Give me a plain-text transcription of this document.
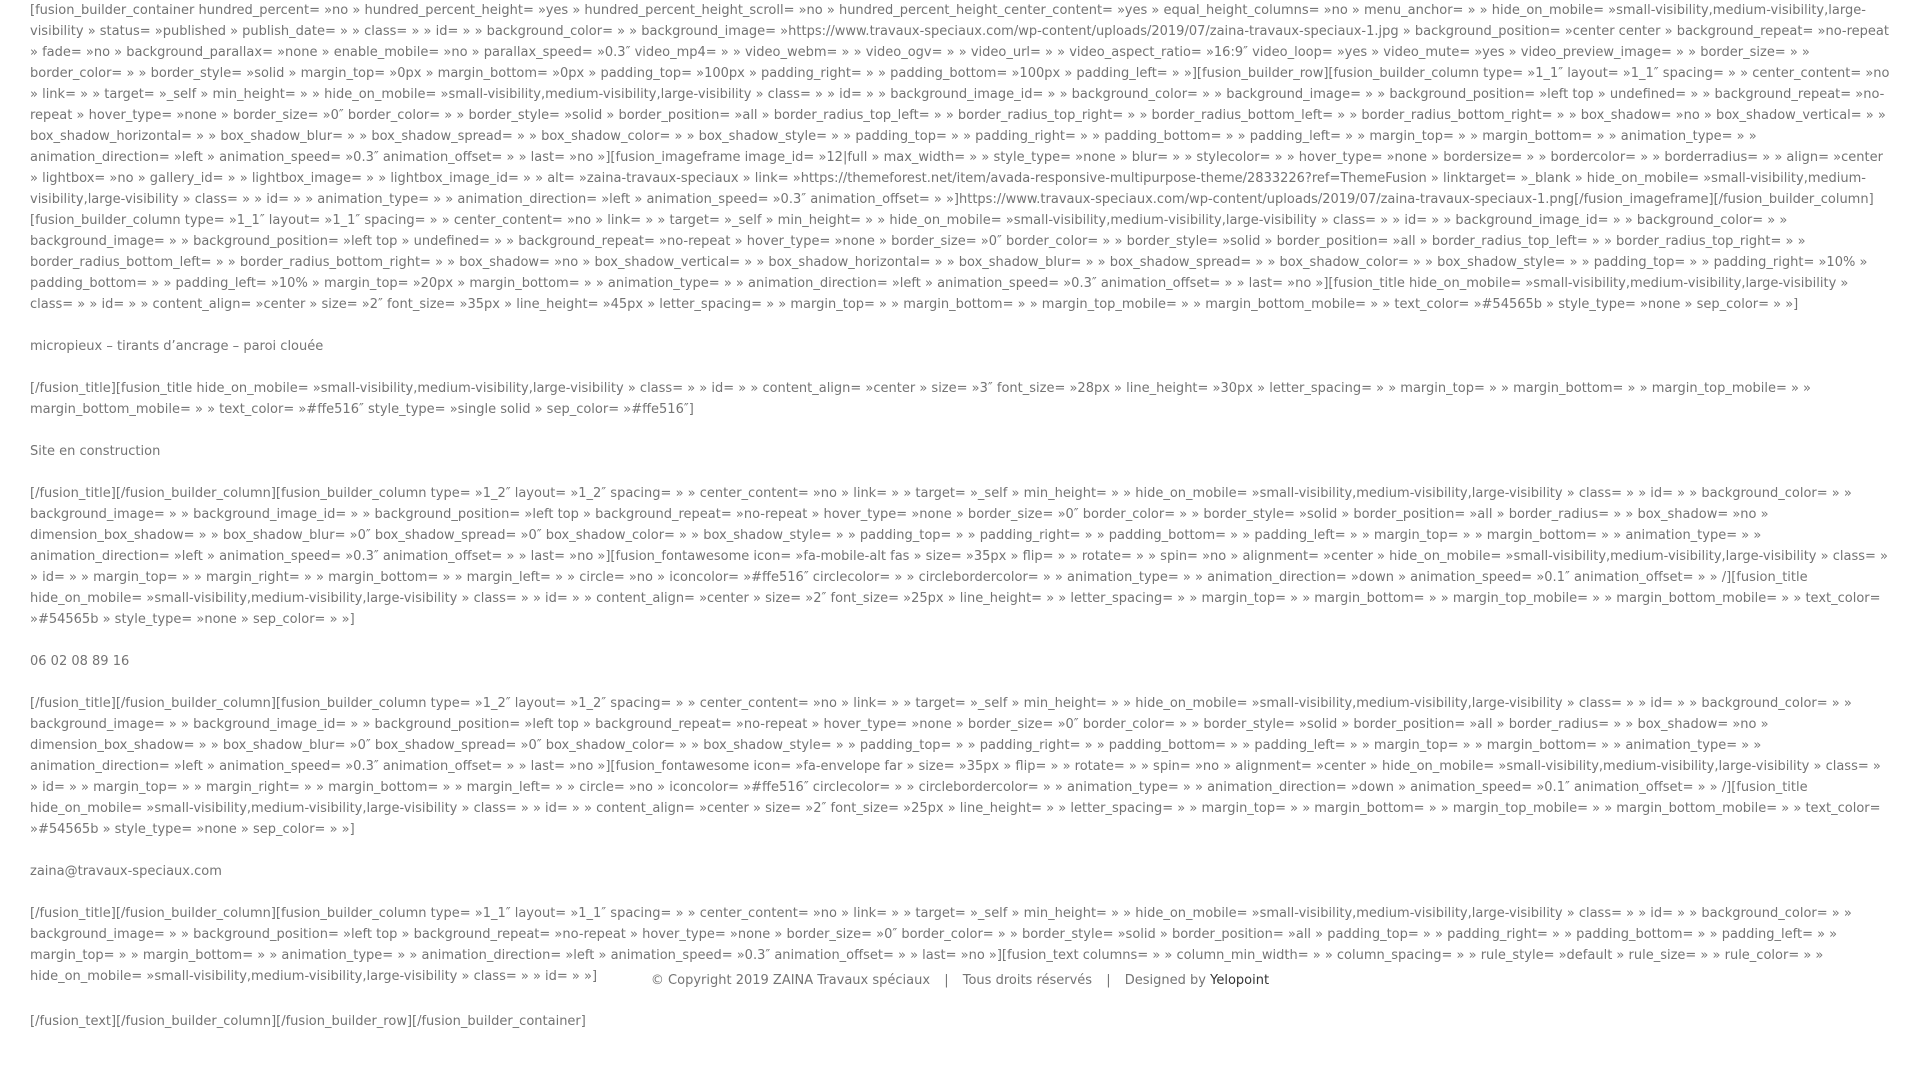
[fusion_builder_container hundred_percent= »no » hundred_percent_height= »yes » hundred_percent_height_scroll= »no » hundred_percent_height_center_content= »yes » equal_height_columns= »no » menu_anchor= » » hide_on_mobile= »small-visibility,medium-visibility,large-visibility » status= »published » publish_date= » » class= » » id= » » background_color= » » background_image= »https://www.travaux-speciaux.com/wp-content/uploads/2019/07/zaina-travaux-speciaux-1.jpg » background_position= »center center » background_repeat= »no-repeat » fade= »no » background_parallax= »none » enable_mobile= »no » parallax_speed= »0.3″ video_mp4= » » video_webm= » » video_ogv= » » video_url= » » video_aspect_ratio= »16:9″ video_loop= »yes » video_mute= »yes » video_preview_image= » » border_size= » » border_color= » » border_style= »solid » margin_top= »0px » margin_bottom= »0px » padding_top= »100px » padding_right= » » padding_bottom= »100px » padding_left= » »][fusion_builder_row][fusion_builder_column type= »1_1″ layout= »1_1″ spacing= » » center_content= »no » link= » » target= »_self » min_height= » » hide_on_mobile= »small-visibility,medium-visibility,large-visibility » class= » » id= » » background_image_id= » » background_color= » » background_image= » » background_position= »left top » undefined= » » background_repeat= »no-repeat » hover_type= »none » border_size= »0″ border_color= » » border_style= »solid » border_position= »all » border_radius_top_left= » » border_radius_top_right= » » border_radius_bottom_left= » » border_radius_bottom_right= » » box_shadow= »no » box_shadow_vertical= » » box_shadow_horizontal= » » box_shadow_blur= » » box_shadow_spread= » » box_shadow_color= » » box_shadow_style= » » padding_top= » » padding_right= » » padding_bottom= » » padding_left= » » margin_top= » » margin_bottom= » » animation_type= » » animation_direction= »left » animation_speed= »0.3″ animation_offset= » » last= »no »][fusion_imageframe image_id= »12|full » max_width= » » style_type= »none » blur= » » stylecolor= » » hover_type= »none » bordersize= » » bordercolor= » » borderradius= » » align= »center » lightbox= »no » gallery_id= » » lightbox_image= » » lightbox_image_id= » » alt= »zaina-travaux-speciaux » link= »https://themeforest.net/item/avada-responsive-multipurpose-theme/2833226?ref=ThemeFusion » linktarget= »_blank » hide_on_mobile= »small-visibility,medium-visibility,large-visibility » class= » » id= » » animation_type= » » animation_direction= »left » animation_speed= »0.3″ animation_offset= » »]https://www.travaux-speciaux.com/wp-content/uploads/2019/07/zaina-travaux-speciaux-1.png[/fusion_imageframe][/fusion_builder_column][fusion_builder_column type= »1_1″ layout= »1_1″ spacing= » » center_content= »no » link= » » target= »_self » min_height= » » hide_on_mobile= »small-visibility,medium-visibility,large-visibility » class= » » id= » » background_image_id= » » background_color= » » background_image= » » background_position= »left top » undefined= » » background_repeat= »no-repeat » hover_type= »none » border_size= »0″ border_color= » » border_style= »solid » border_position= »all » border_radius_top_left= » » border_radius_top_right= » » border_radius_bottom_left= » » border_radius_bottom_right= » » box_shadow= »no » box_shadow_vertical= » » box_shadow_horizontal= » » box_shadow_blur= » » box_shadow_spread= » » box_shadow_color= » » box_shadow_style= » » padding_top= » » padding_right= »10% » padding_bottom= » » padding_left= »10% » margin_top= »20px » margin_bottom= » » animation_type= » » animation_direction= »left » animation_speed= »0.3″ animation_offset= » » last= »no »][fusion_title hide_on_mobile= »small-visibility,medium-visibility,large-visibility » class= » » id= » » content_align= »center » size= »2″ font_size= »35px » line_height= »45px » letter_spacing= » » margin_top= » » margin_bottom= » » margin_top_mobile= » » margin_bottom_mobile= » » text_color= »#54565b » style_type= »none » sep_color= » »]

micropieux – tirants d’ancrage – paroi clouée

[/fusion_title][fusion_title hide_on_mobile= »small-visibility,medium-visibility,large-visibility » class= » » id= » » content_align= »center » size= »3″ font_size= »28px » line_height= »30px » letter_spacing= » » margin_top= » » margin_bottom= » » margin_top_mobile= » » margin_bottom_mobile= » » text_color= »#ffe516″ style_type= »single solid » sep_color= »#ffe516″]

Site en construction

[/fusion_title][/fusion_builder_column][fusion_builder_column type= »1_2″ layout= »1_2″ spacing= » » center_content= »no » link= » » target= »_self » min_height= » » hide_on_mobile= »small-visibility,medium-visibility,large-visibility » class= » » id= » » background_color= » » background_image= » » background_image_id= » » background_position= »left top » background_repeat= »no-repeat » hover_type= »none » border_size= »0″ border_color= » » border_style= »solid » border_position= »all » border_radius= » » box_shadow= »no » dimension_box_shadow= » » box_shadow_blur= »0″ box_shadow_spread= »0″ box_shadow_color= » » box_shadow_style= » » padding_top= » » padding_right= » » padding_bottom= » » padding_left= » » margin_top= » » margin_bottom= » » animation_type= » » animation_direction= »left » animation_speed= »0.3″ animation_offset= » » last= »no »][fusion_fontawesome icon= »fa-mobile-alt fas » size= »35px » flip= » » rotate= » » spin= »no » alignment= »center » hide_on_mobile= »small-visibility,medium-visibility,large-visibility » class= » » id= » » margin_top= » » margin_right= » » margin_bottom= » » margin_left= » » circle= »no » iconcolor= »#ffe516″ circlecolor= » » circlebordercolor= » » animation_type= » » animation_direction= »down » animation_speed= »0.1″ animation_offset= » » /][fusion_title hide_on_mobile= »small-visibility,medium-visibility,large-visibility » class= » » id= » » content_align= »center » size= »2″ font_size= »25px » line_height= » » letter_spacing= » » margin_top= » » margin_bottom= » » margin_top_mobile= » » margin_bottom_mobile= » » text_color= »#54565b » style_type= »none » sep_color= » »]

06 02 08 89 16

[/fusion_title][/fusion_builder_column][fusion_builder_column type= »1_2″ layout= »1_2″ spacing= » » center_content= »no » link= » » target= »_self » min_height= » » hide_on_mobile= »small-visibility,medium-visibility,large-visibility » class= » » id= » » background_color= » » background_image= » » background_image_id= » » background_position= »left top » background_repeat= »no-repeat » hover_type= »none » border_size= »0″ border_color= » » border_style= »solid » border_position= »all » border_radius= » » box_shadow= »no » dimension_box_shadow= » » box_shadow_blur= »0″ box_shadow_spread= »0″ box_shadow_color= » » box_shadow_style= » » padding_top= » » padding_right= » » padding_bottom= » » padding_left= » » margin_top= » » margin_bottom= » » animation_type= » » animation_direction= »left » animation_speed= »0.3″ animation_offset= » » last= »no »][fusion_fontawesome icon= »fa-envelope far » size= »35px » flip= » » rotate= » » spin= »no » alignment= »center » hide_on_mobile= »small-visibility,medium-visibility,large-visibility » class= » » id= » » margin_top= » » margin_right= » » margin_bottom= » » margin_left= » » circle= »no » iconcolor= »#ffe516″ circlecolor= » » circlebordercolor= » » animation_type= » » animation_direction= »down » animation_speed= »0.1″ animation_offset= » » /][fusion_title hide_on_mobile= »small-visibility,medium-visibility,large-visibility » class= » » id= » » content_align= »center » size= »2″ font_size= »25px » line_height= » » letter_spacing= » » margin_top= » » margin_bottom= » » margin_top_mobile= » » margin_bottom_mobile= » » text_color= »#54565b » style_type= »none » sep_color= » »]

zaina@travaux-speciaux.com

[/fusion_title][/fusion_builder_column][fusion_builder_column type= »1_1″ layout= »1_1″ spacing= » » center_content= »no » link= » » target= »_self » min_height= » » hide_on_mobile= »small-visibility,medium-visibility,large-visibility » class= » » id= » » background_color= » » background_image= » » background_position= »left top » background_repeat= »no-repeat » hover_type= »none » border_size= »0″ border_color= » » border_style= »solid » border_position= »all » padding_top= » » padding_right= » » padding_bottom= » » padding_left= » » margin_top= » » margin_bottom= » » animation_type= » » animation_direction= »left » animation_speed= »0.3″ animation_offset= » » last= »no »][fusion_text columns= » » column_min_width= » » column_spacing= » » rule_style= »default » rule_size= » » rule_color= » » hide_on_mobile= »small-visibility,medium-visibility,large-visibility » class= » » id= » »]	© Copyright 2019 ZAINA Travaux spéciaux | Tous droits réservés | Designed by Yelopoint

[/fusion_text][/fusion_builder_column][/fusion_builder_row][/fusion_builder_container]
